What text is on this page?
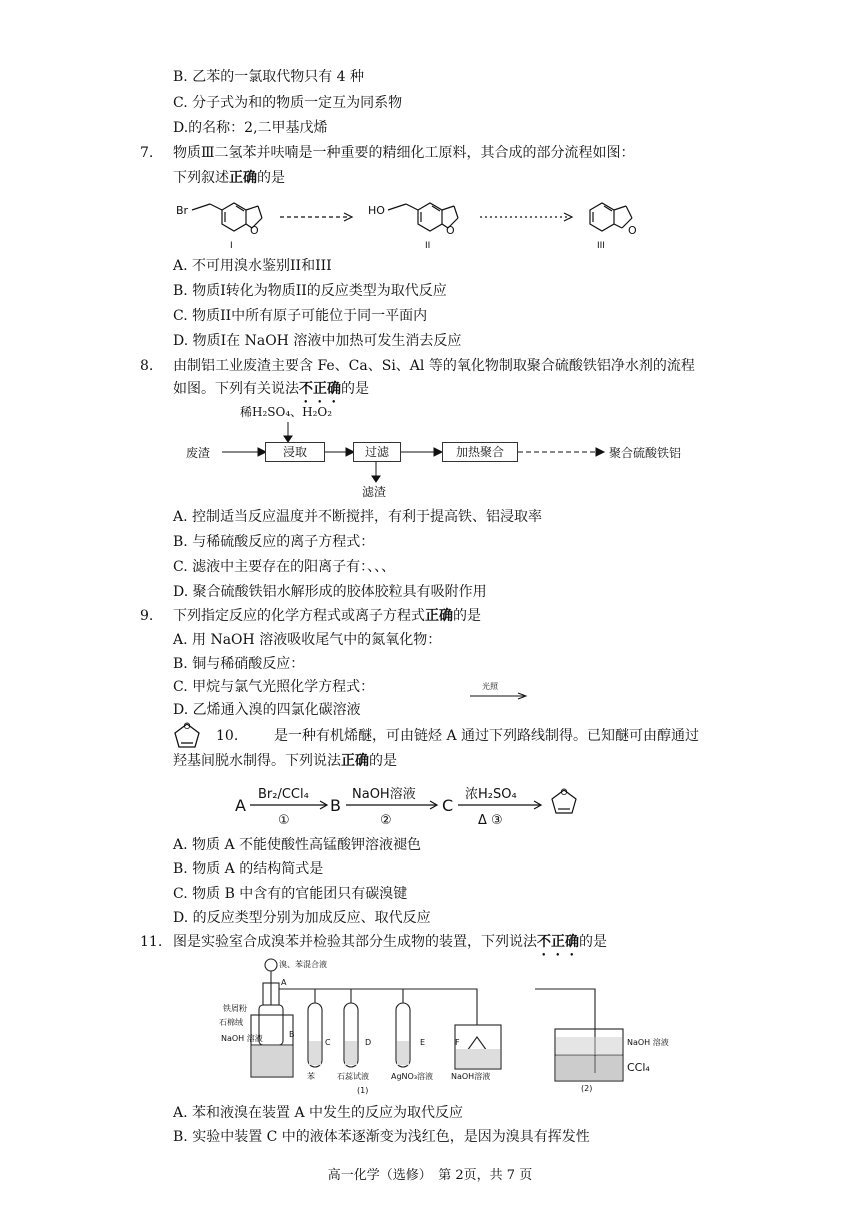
B. 乙苯的一氯取代物只有 4 种
C. 分子式为和的物质一定互为同系物
D.的名称：2,二甲基戊烯
7. 物质Ⅲ二氢苯并呋喃是一种重要的精细化工原料，其合成的部分流程如图：
下列叙述正确的是
Br
O
I
HO
O
II
O
III
A. 不可用溴水鉴别II和III
B. 物质I转化为物质II的反应类型为取代反应
C. 物质II中所有原子可能位于同一平面内
D. 物质I在 NaOH 溶液中加热可发生消去反应
8. 由制铝工业废渣主要含 Fe、Ca、Si、Al 等的氧化物制取聚合硫酸铁铝净水剂的流程
如图。下列有关说法不正确的是
稀H₂SO₄、H₂O₂
废渣	浸取	过滤	加热聚合	聚合硫酸铁铝
滤渣
A. 控制适当反应温度并不断搅拌，有利于提高铁、铝浸取率
B. 与稀硫酸反应的离子方程式：
C. 滤液中主要存在的阳离子有：、、、
D. 聚合硫酸铁铝水解形成的胶体胶粒具有吸附作用
9. 下列指定反应的化学方程式或离子方程式正确的是
A. 用 NaOH 溶液吸收尾气中的氮氧化物：
B. 铜与稀硝酸反应：
C. 甲烷与氯气光照化学方程式：
D. 乙烯通入溴的四氯化碳溶液
光照
O
10.	是一种有机烯醚，可由链烃 A 通过下列路线制得。已知醚可由醇通过
羟基间脱水制得。下列说法正确的是
A	B	C
Br₂/CCl₄	NaOH溶液	浓H₂SO₄
①	②	Δ ③
O
A. 物质 A 不能使酸性高锰酸钾溶液褪色
B. 物质 A 的结构简式是
C. 物质 B 中含有的官能团只有碳溴键
D. 的反应类型分别为加成反应、取代反应
11. 图是实验室合成溴苯并检验其部分生成物的装置，下列说法不正确的是
溴、苯混合液
A
铁屑粉
石棉绒
NaOH 溶液	B
C	D	E	F
苯	石蕊试液	AgNO₃溶液 NaOH溶液
(1)	(2)
NaOH 溶液
CCl₄
A. 苯和液溴在装置 A 中发生的反应为取代反应
B. 实验中装置 C 中的液体苯逐渐变为浅红色，是因为溴具有挥发性
高一化学（选修）　第 2页，共 7 页
